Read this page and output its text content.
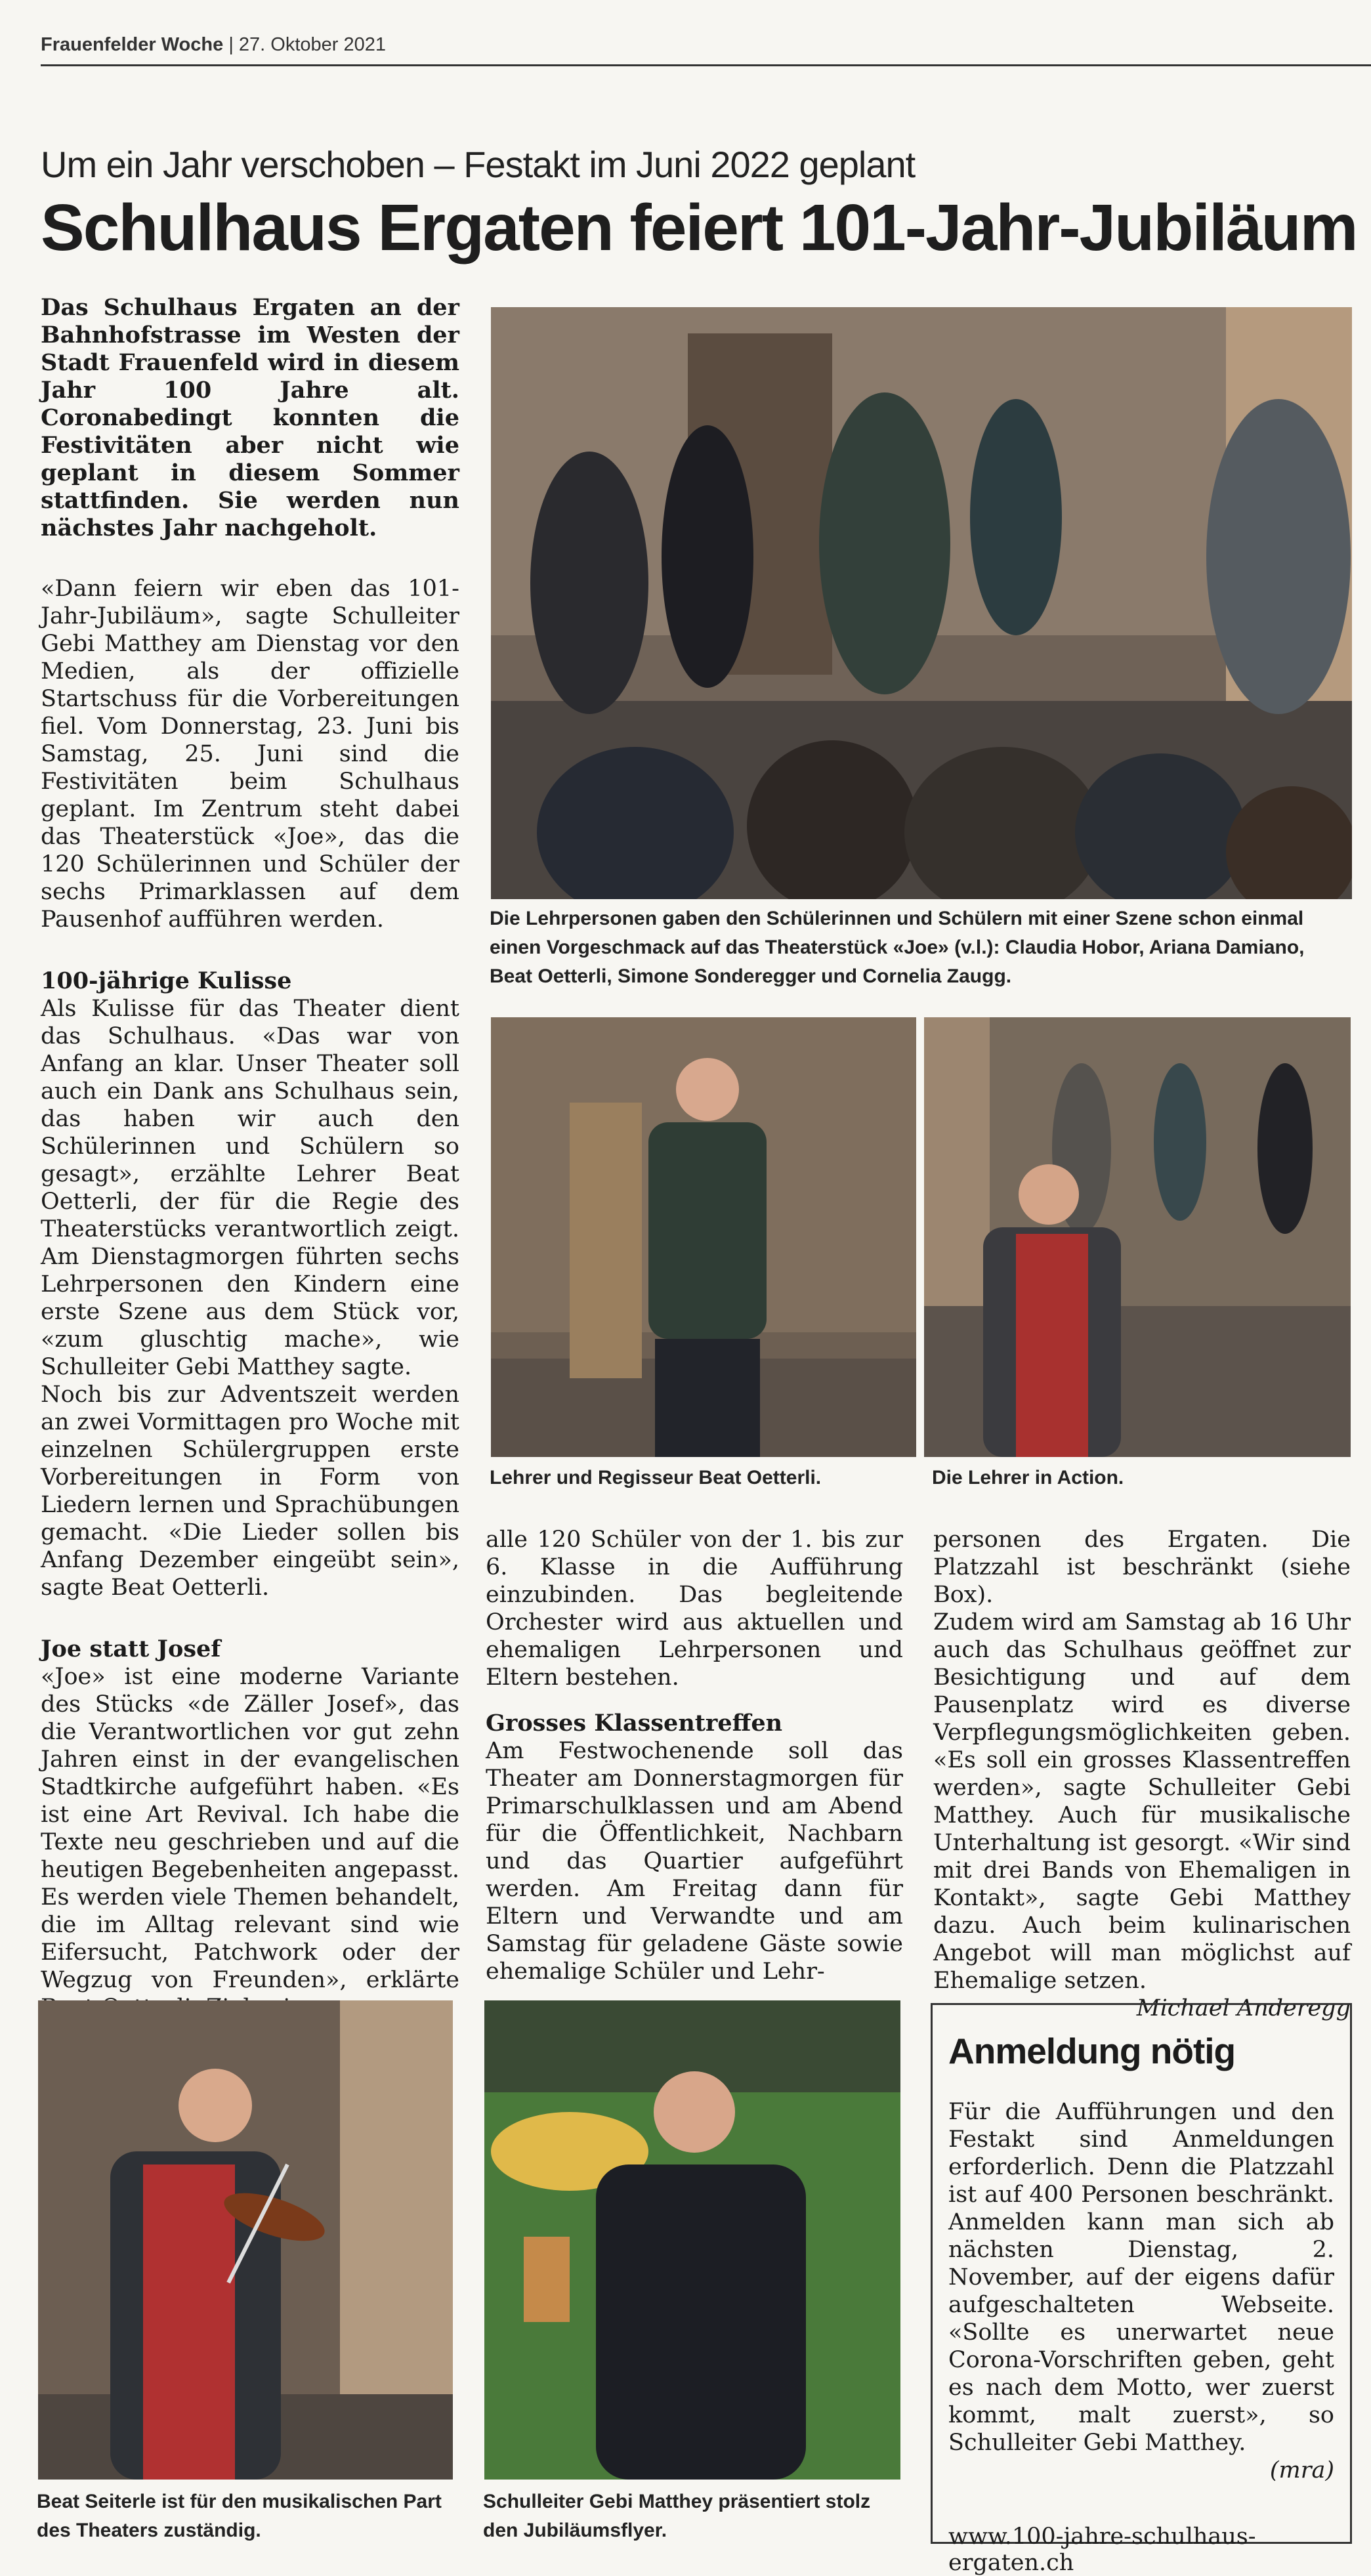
Frauenfelder Woche | 27. Oktober 2021
Um ein Jahr verschoben – Festakt im Juni 2022 geplant
Schulhaus Ergaten feiert 101-Jahr-Jubiläum

Das Schulhaus Ergaten an der Bahnhofstrasse im Westen der Stadt Frauenfeld wird in diesem Jahr 100 Jahre alt. Coronabedingt konnten die Festivitäten aber nicht wie geplant in diesem Sommer stattfinden. Sie werden nun nächstes Jahr nachgeholt.

«Dann feiern wir eben das 101-Jahr-Jubiläum», sagte Schulleiter Gebi Matthey am Dienstag vor den Medien, als der offizielle Startschuss für die Vorbereitungen fiel. Vom Donnerstag, 23. Juni bis Samstag, 25. Juni sind die Festivitäten beim Schulhaus geplant. Im Zentrum steht dabei das Theaterstück «Joe», das die 120 Schülerinnen und Schüler der sechs Primarklassen auf dem Pausenhof aufführen werden.

100-jährige Kulisse

Als Kulisse für das Theater dient das Schulhaus. «Das war von Anfang an klar. Unser Theater soll auch ein Dank ans Schulhaus sein, das haben wir auch den Schülerinnen und Schülern so gesagt», erzählte Lehrer Beat Oetterli, der für die Regie des Theaterstücks verantwortlich zeigt. Am Dienstagmorgen führten sechs Lehrpersonen den Kindern eine erste Szene aus dem Stück vor, «zum gluschtig mache», wie Schulleiter Gebi Matthey sagte.

Noch bis zur Adventszeit werden an zwei Vormittagen pro Woche mit einzelnen Schülergruppen erste Vorbereitungen in Form von Liedern lernen und Sprachübungen gemacht. «Die Lieder sollen bis Anfang Dezember eingeübt sein», sagte Beat Oetterli.

Joe statt Josef

«Joe» ist eine moderne Variante des Stücks «de Zäller Josef», das die Verantwortlichen vor gut zehn Jahren einst in der evangelischen Stadtkirche aufgeführt haben. «Es ist eine Art Revival. Ich habe die Texte neu geschrieben und auf die heutigen Begebenheiten angepasst. Es werden viele Themen behandelt, die im Alltag relevant sind wie Eifersucht, Patchwork oder der Wegzug von Freunden», erklärte

alle 120 Schüler von der 1. bis zur 6. Klasse in die Aufführung einzubinden. Das begleitende Orchester wird aus aktuellen und ehemaligen Lehrpersonen und Eltern bestehen.

Grosses Klassentreffen

Am Festwochenende soll das Theater am Donnerstagmorgen für Primarschulklassen und am Abend für die Öffentlichkeit, Nachbarn und das Quartier aufgeführt werden. Am Freitag dann für Eltern und Verwandte und am Samstag für geladene Gäste sowie ehemalige Schüler und Lehr-

personen des Ergaten. Die Platzzahl ist beschränkt (siehe Box).

Zudem wird am Samstag ab 16 Uhr auch das Schulhaus geöffnet zur Besichtigung und auf dem Pausenplatz wird es diverse Verpflegungsmöglichkeiten geben. «Es soll ein grosses Klassentreffen werden», sagte Schulleiter Gebi Matthey. Auch für musikalische Unterhaltung ist gesorgt. «Wir sind mit drei Bands von Ehemaligen in Kontakt», sagte Gebi Matthey dazu. Auch beim kulinarischen Angebot will man möglichst auf Ehemalige setzen.

Michael Anderegg

Die Lehrpersonen gaben den Schülerinnen und Schülern mit einer Szene schon einmal einen Vorgeschmack auf das Theaterstück «Joe» (v.l.): Claudia Hobor, Ariana Damiano, Beat Oetterli, Simone Sonderegger und Cornelia Zaugg.
Lehrer und Regisseur Beat Oetterli.	Die Lehrer in Action.
Beat Seiterle ist für den musikalischen Part des Theaters zuständig.
Schulleiter Gebi Matthey präsentiert stolz den Jubiläumsflyer.
Anmeldung nötig

Für die Aufführungen und den Festakt sind Anmeldungen erforderlich. Denn die Platzzahl ist auf 400 Personen beschränkt. Anmelden kann man sich ab nächsten Dienstag, 2. November, auf der eigens dafür aufgeschalteten Webseite. «Sollte es unerwartet neue Corona-Vorschriften geben, geht es nach dem Motto, wer zuerst kommt, malt zuerst», so Schulleiter Gebi Matthey.

(mra)

www.100-jahre-schulhaus-ergaten.ch
